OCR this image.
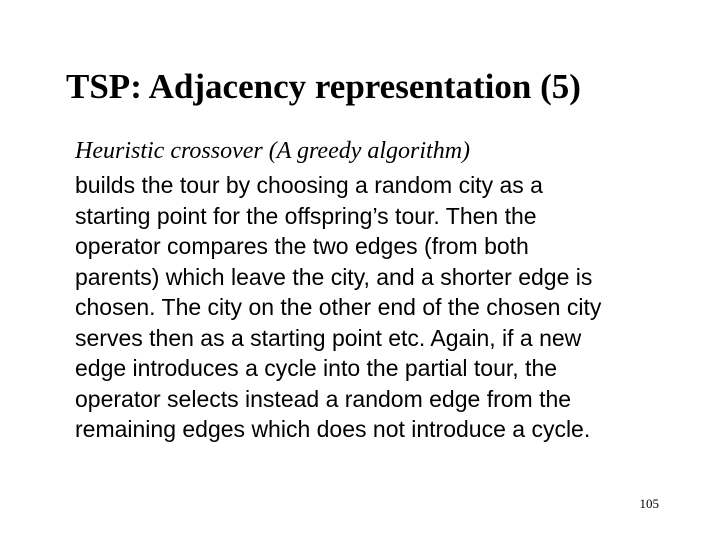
TSP: Adjacency representation (5)
Heuristic crossover (A greedy algorithm)
builds the tour by choosing a random city as a
starting point for the offspring’s tour. Then the
operator compares the two edges (from both
parents) which leave the city, and a shorter edge is
chosen. The city on the other end of the chosen city
serves then as a starting point etc. Again, if a new
edge introduces a cycle into the partial tour, the
operator selects instead a random edge from the
remaining edges which does not introduce a cycle.
105
